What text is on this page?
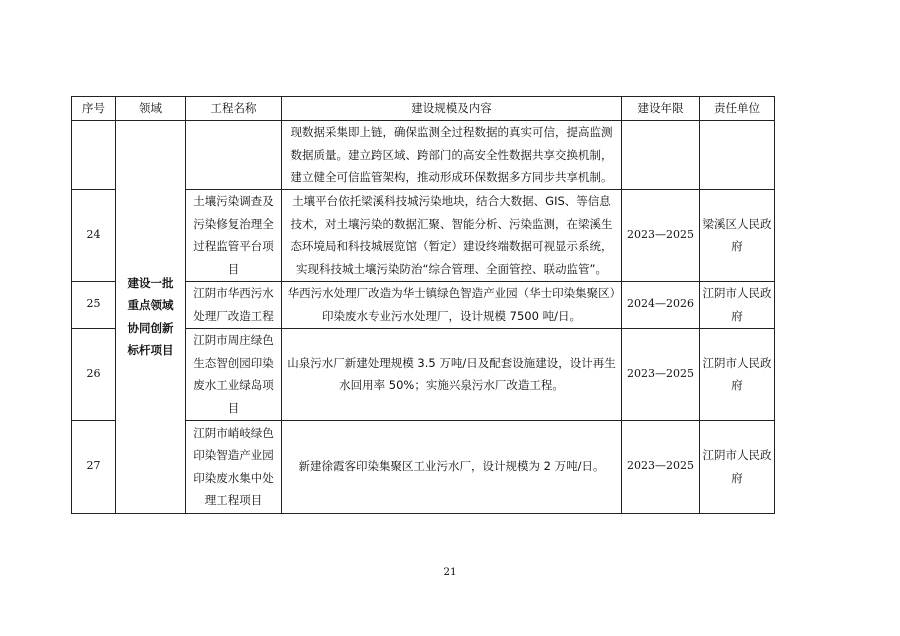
序号	领域	工程名称	建设规模及内容	建设年限	责任单位
	建设一批重点领域协同创新标杆项目		现数据采集即上链，确保监测全过程数据的真实可信，提高监测数据质量。建立跨区域、跨部门的高安全性数据共享交换机制，建立健全可信监管架构，推动形成环保数据多方同步共享机制。		
24		土壤污染调查及污染修复治理全过程监管平台项目	土壤平台依托梁溪科技城污染地块，结合大数据、GIS、等信息技术，对土壤污染的数据汇聚、智能分析、污染监测，在梁溪生态环境局和科技城展览馆（暂定）建设终端数据可视显示系统，实现科技城土壤污染防治“综合管理、全面管控、联动监管”。	2023—2025	梁溪区人民政府
25		江阴市华西污水处理厂改造工程	华西污水处理厂改造为华士镇绿色智造产业园（华士印染集聚区）印染废水专业污水处理厂，设计规模 7500 吨/日。	2024—2026	江阴市人民政府
26		江阴市周庄绿色生态智创园印染废水工业绿岛项目	山泉污水厂新建处理规模 3.5 万吨/日及配套设施建设，设计再生水回用率 50%；实施兴泉污水厂改造工程。	2023—2025	江阴市人民政府
27		江阴市峭岐绿色印染智造产业园印染废水集中处理工程项目	新建徐霞客印染集聚区工业污水厂，设计规模为 2 万吨/日。	2023—2025	江阴市人民政府
21
